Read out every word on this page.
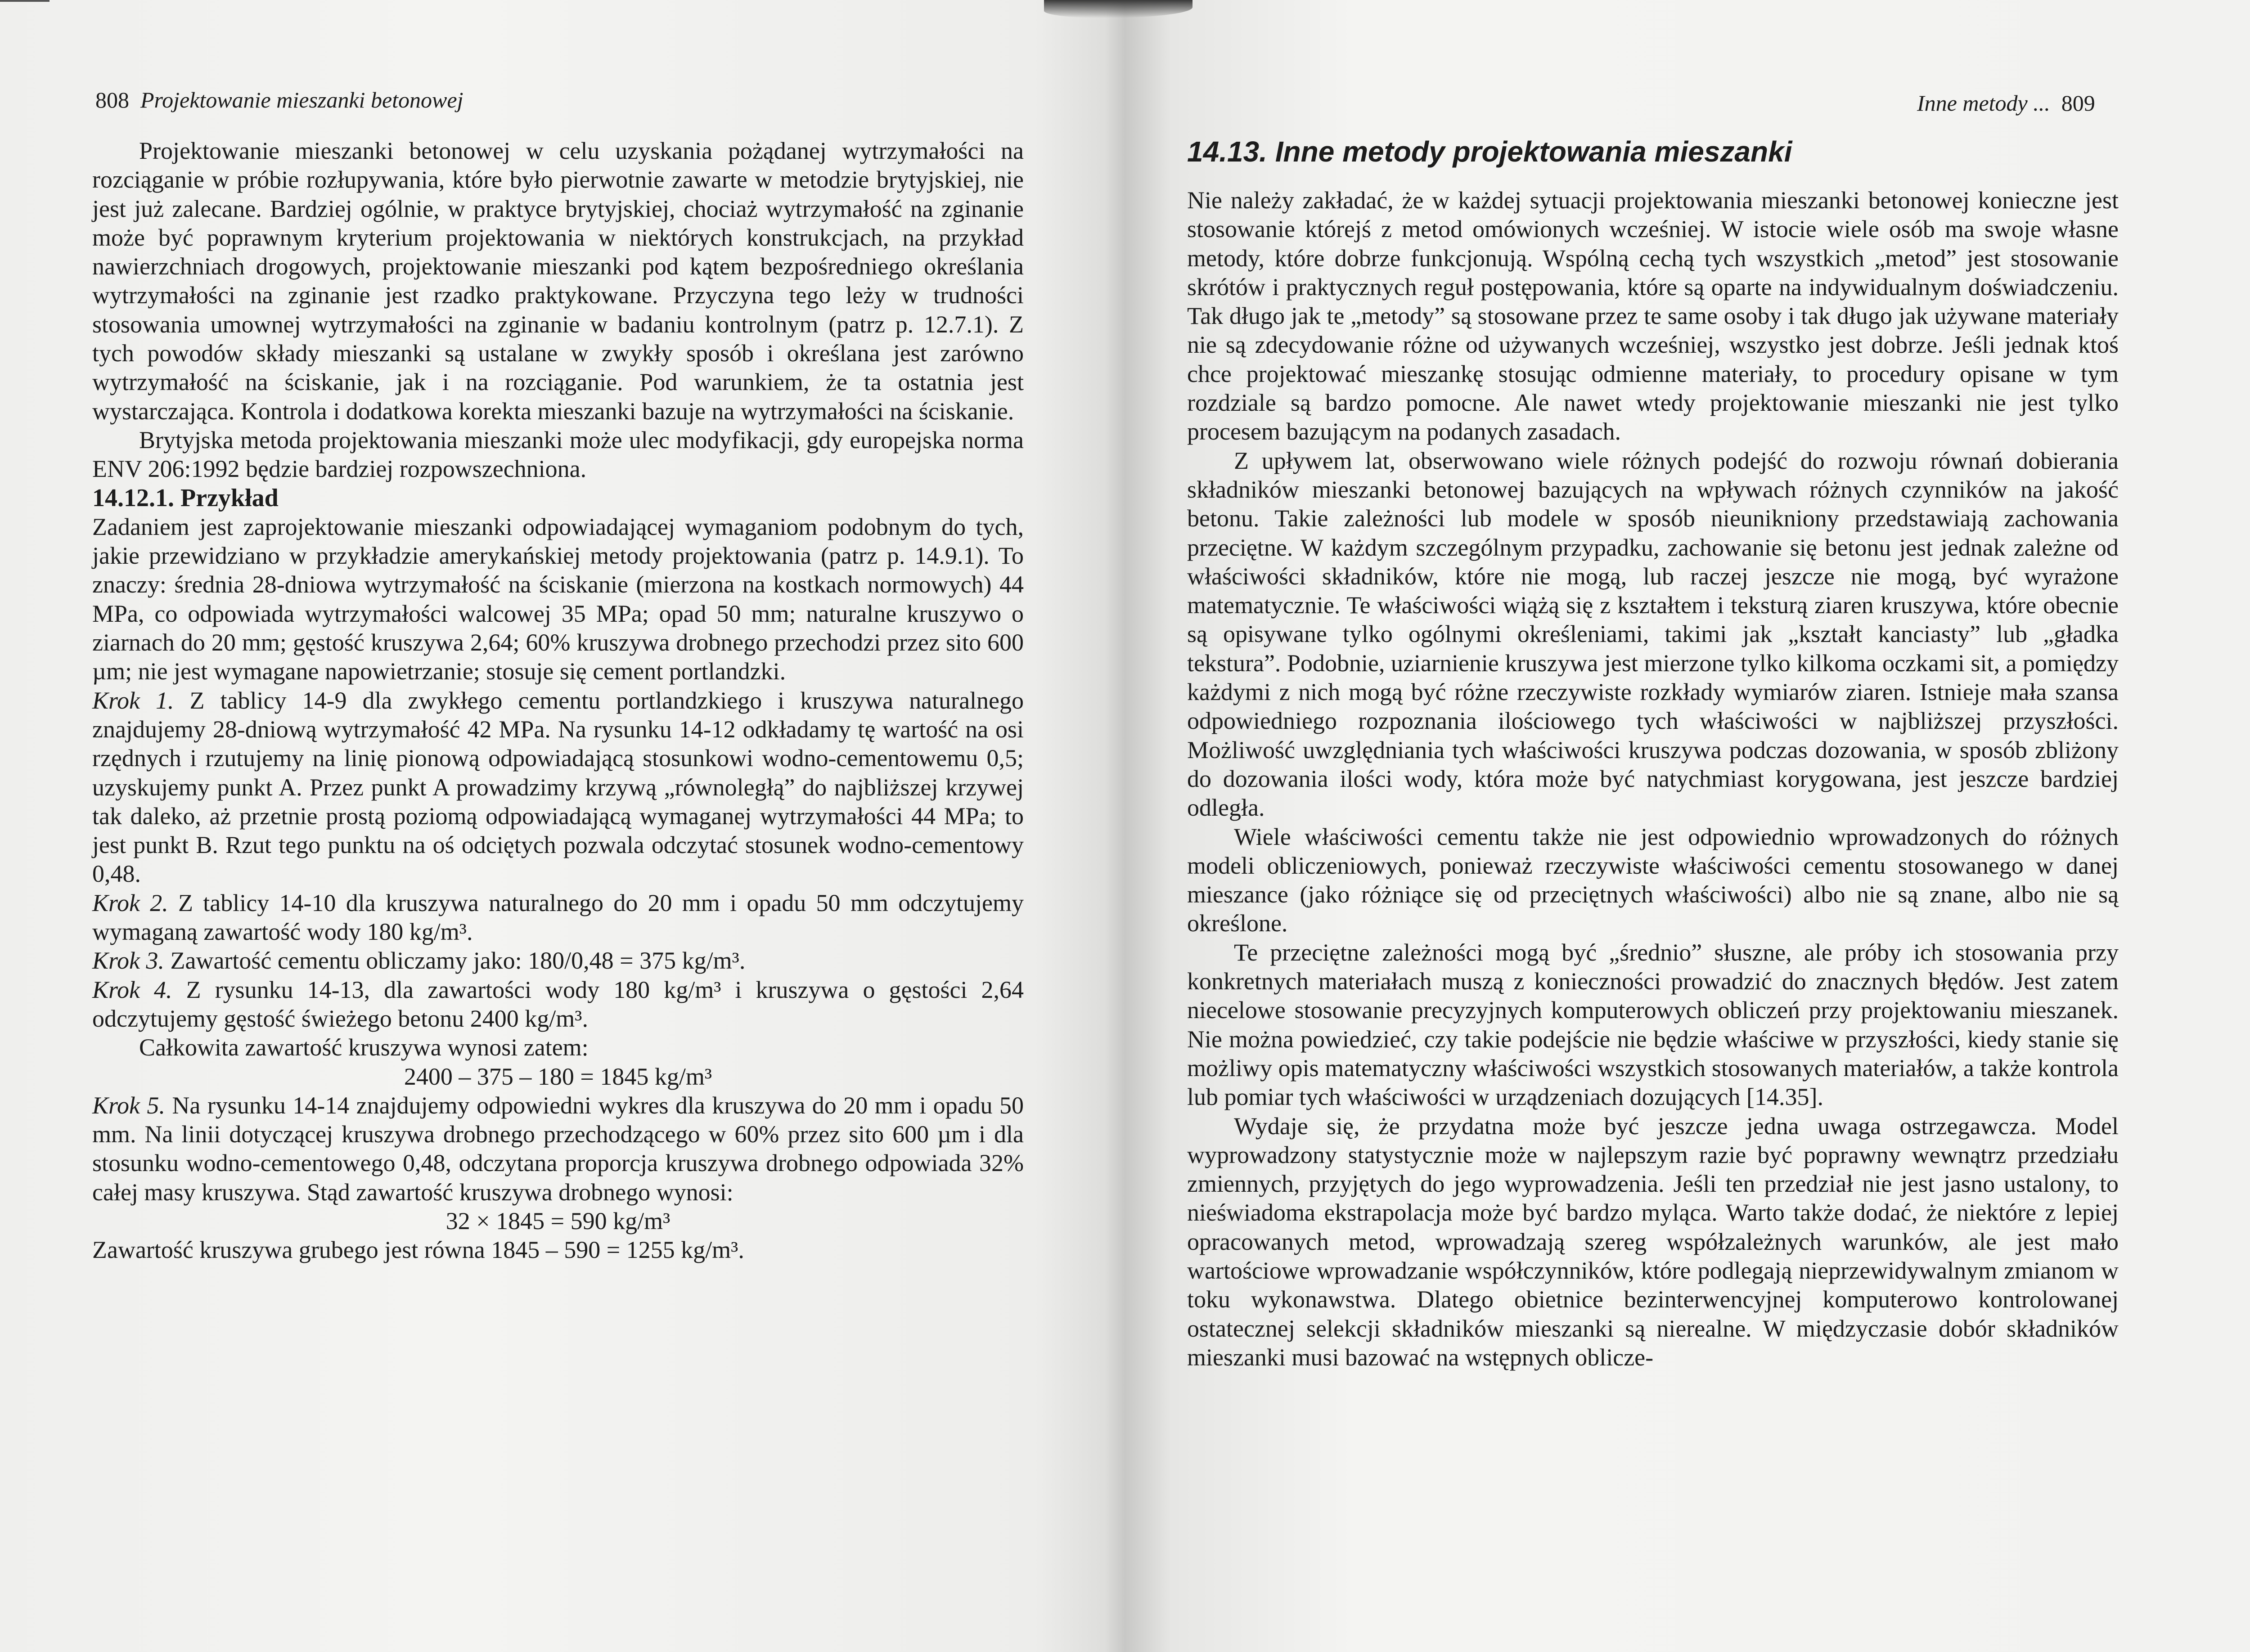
808 Projektowanie mieszanki betonowej

Projektowanie mieszanki betonowej w celu uzyskania pożądanej wytrzymałości na rozciąganie w próbie rozłupywania, które było pierwotnie zawarte w metodzie brytyjskiej, nie jest już zalecane. Bardziej ogólnie, w praktyce brytyjskiej, chociaż wytrzymałość na zginanie może być poprawnym kryterium projektowania w niektórych konstrukcjach, na przykład nawierzchniach drogowych, projektowanie mieszanki pod kątem bezpośredniego określania wytrzymałości na zginanie jest rzadko praktykowane. Przyczyna tego leży w trudności stosowania umownej wytrzymałości na zginanie w badaniu kontrolnym (patrz p. 12.7.1). Z tych powodów składy mieszanki są ustalane w zwykły sposób i określana jest zarówno wytrzymałość na ściskanie, jak i na rozciąganie. Pod warunkiem, że ta ostatnia jest wystarczająca. Kontrola i dodatkowa korekta mieszanki bazuje na wytrzymałości na ściskanie.

Brytyjska metoda projektowania mieszanki może ulec modyfikacji, gdy europejska norma ENV 206:1992 będzie bardziej rozpowszechniona.

14.12.1. Przykład

Zadaniem jest zaprojektowanie mieszanki odpowiadającej wymaganiom podobnym do tych, jakie przewidziano w przykładzie amerykańskiej metody projektowania (patrz p. 14.9.1). To znaczy: średnia 28-dniowa wytrzymałość na ściskanie (mierzona na kostkach normowych) 44 MPa, co odpowiada wytrzymałości walcowej 35 MPa; opad 50 mm; naturalne kruszywo o ziarnach do 20 mm; gęstość kruszywa 2,64; 60% kruszywa drobnego przechodzi przez sito 600 µm; nie jest wymagane napowietrzanie; stosuje się cement portlandzki.

Krok 1. Z tablicy 14-9 dla zwykłego cementu portlandzkiego i kruszywa naturalnego znajdujemy 28-dniową wytrzymałość 42 MPa. Na rysunku 14-12 odkładamy tę wartość na osi rzędnych i rzutujemy na linię pionową odpowiadającą stosunkowi wodno-cementowemu 0,5; uzyskujemy punkt A. Przez punkt A prowadzimy krzywą „równoległą” do najbliższej krzywej tak daleko, aż przetnie prostą poziomą odpowiadającą wymaganej wytrzymałości 44 MPa; to jest punkt B. Rzut tego punktu na oś odciętych pozwala odczytać stosunek wodno-cementowy 0,48.

Krok 2. Z tablicy 14-10 dla kruszywa naturalnego do 20 mm i opadu 50 mm odczytujemy wymaganą zawartość wody 180 kg/m³.

Krok 3. Zawartość cementu obliczamy jako: 180/0,48 = 375 kg/m³.

Krok 4. Z rysunku 14-13, dla zawartości wody 180 kg/m³ i kruszywa o gęstości 2,64 odczytujemy gęstość świeżego betonu 2400 kg/m³.

Całkowita zawartość kruszywa wynosi zatem:

2400 – 375 – 180 = 1845 kg/m³

Krok 5. Na rysunku 14-14 znajdujemy odpowiedni wykres dla kruszywa do 20 mm i opadu 50 mm. Na linii dotyczącej kruszywa drobnego przechodzącego w 60% przez sito 600 µm i dla stosunku wodno-cementowego 0,48, odczytana proporcja kruszywa drobnego odpowiada 32% całej masy kruszywa. Stąd zawartość kruszywa drobnego wynosi:

32 × 1845 = 590 kg/m³

Zawartość kruszywa grubego jest równa 1845 – 590 = 1255 kg/m³.

Inne metody ... 809
14.13. Inne metody projektowania mieszanki

Nie należy zakładać, że w każdej sytuacji projektowania mieszanki betonowej konieczne jest stosowanie którejś z metod omówionych wcześniej. W istocie wiele osób ma swoje własne metody, które dobrze funkcjonują. Wspólną cechą tych wszystkich „metod” jest stosowanie skrótów i praktycznych reguł postępowania, które są oparte na indywidualnym doświadczeniu. Tak długo jak te „metody” są stosowane przez te same osoby i tak długo jak używane materiały nie są zdecydowanie różne od używanych wcześniej, wszystko jest dobrze. Jeśli jednak ktoś chce projektować mieszankę stosując odmienne materiały, to procedury opisane w tym rozdziale są bardzo pomocne. Ale nawet wtedy projektowanie mieszanki nie jest tylko procesem bazującym na podanych zasadach.

Z upływem lat, obserwowano wiele różnych podejść do rozwoju równań dobierania składników mieszanki betonowej bazujących na wpływach różnych czynników na jakość betonu. Takie zależności lub modele w sposób nieunikniony przedstawiają zachowania przeciętne. W każdym szczególnym przypadku, zachowanie się betonu jest jednak zależne od właściwości składników, które nie mogą, lub raczej jeszcze nie mogą, być wyrażone matematycznie. Te właściwości wiążą się z kształtem i teksturą ziaren kruszywa, które obecnie są opisywane tylko ogólnymi określeniami, takimi jak „kształt kanciasty” lub „gładka tekstura”. Podobnie, uziarnienie kruszywa jest mierzone tylko kilkoma oczkami sit, a pomiędzy każdymi z nich mogą być różne rzeczywiste rozkłady wymiarów ziaren. Istnieje mała szansa odpowiedniego rozpoznania ilościowego tych właściwości w najbliższej przyszłości. Możliwość uwzględniania tych właściwości kruszywa podczas dozowania, w sposób zbliżony do dozowania ilości wody, która może być natychmiast korygowana, jest jeszcze bardziej odległa.

Wiele właściwości cementu także nie jest odpowiednio wprowadzonych do różnych modeli obliczeniowych, ponieważ rzeczywiste właściwości cementu stosowanego w danej mieszance (jako różniące się od przeciętnych właściwości) albo nie są znane, albo nie są określone.

Te przeciętne zależności mogą być „średnio” słuszne, ale próby ich stosowania przy konkretnych materiałach muszą z konieczności prowadzić do znacznych błędów. Jest zatem niecelowe stosowanie precyzyjnych komputerowych obliczeń przy projektowaniu mieszanek. Nie można powiedzieć, czy takie podejście nie będzie właściwe w przyszłości, kiedy stanie się możliwy opis matematyczny właściwości wszystkich stosowanych materiałów, a także kontrola lub pomiar tych właściwości w urządzeniach dozujących [14.35].

Wydaje się, że przydatna może być jeszcze jedna uwaga ostrzegawcza. Model wyprowadzony statystycznie może w najlepszym razie być poprawny wewnątrz przedziału zmiennych, przyjętych do jego wyprowadzenia. Jeśli ten przedział nie jest jasno ustalony, to nieświadoma ekstrapolacja może być bardzo myląca. Warto także dodać, że niektóre z lepiej opracowanych metod, wprowadzają szereg współzależnych warunków, ale jest mało wartościowe wprowadzanie współczynników, które podlegają nieprzewidywalnym zmianom w toku wykonawstwa. Dlatego obietnice bezinterwencyjnej komputerowo kontrolowanej ostatecznej selekcji składników mieszanki są nierealne. W międzyczasie dobór składników mieszanki musi bazować na wstępnych oblicze-
